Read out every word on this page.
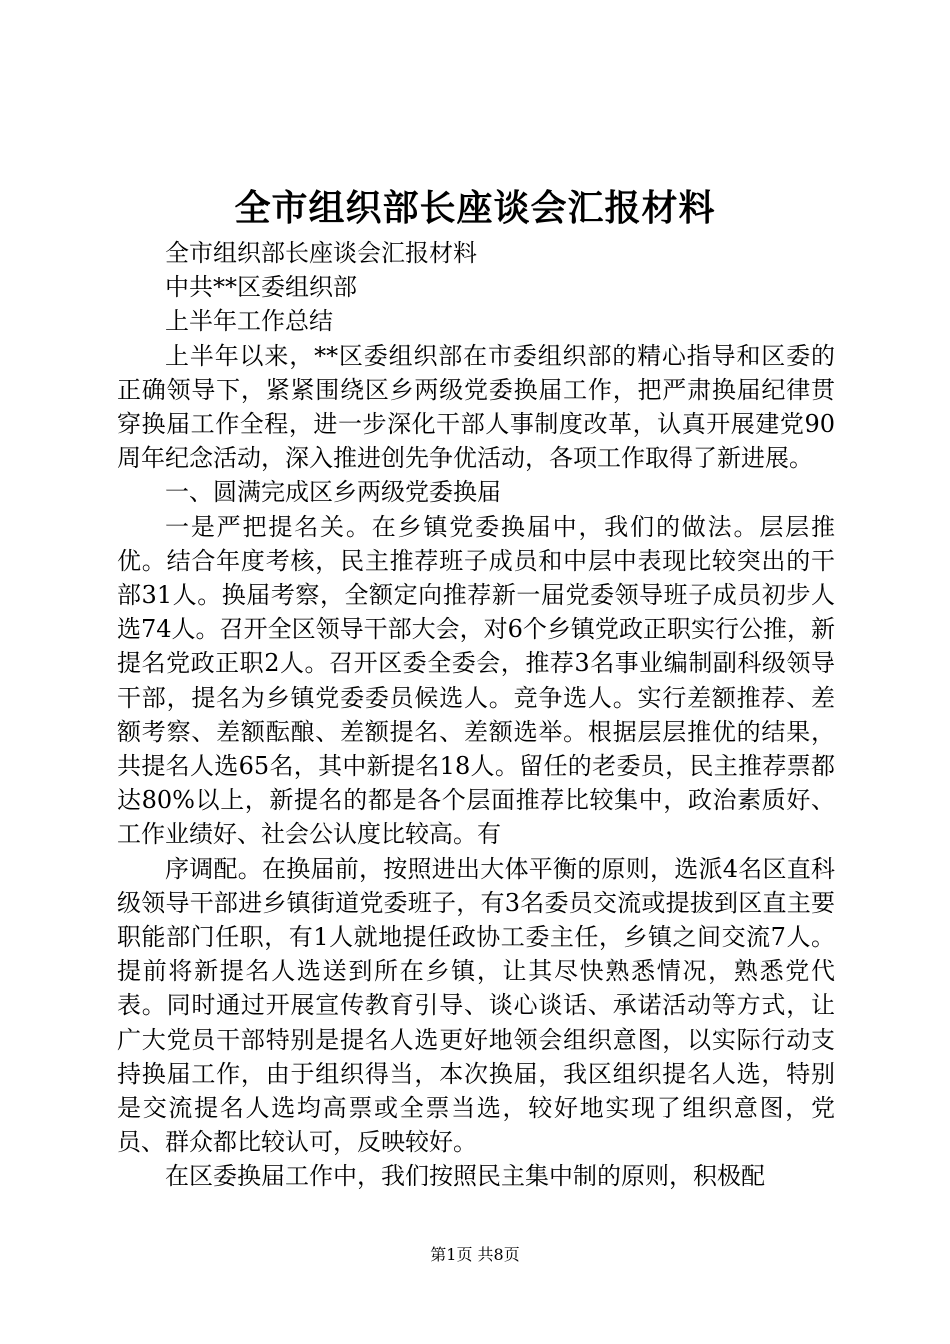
全市组织部长座谈会汇报材料

全市组织部长座谈会汇报材料

中共**区委组织部

上半年工作总结

上半年以来，**区委组织部在市委组织部的精心指导和区委的正确领导下，紧紧围绕区乡两级党委换届工作，把严肃换届纪律贯穿换届工作全程，进一步深化干部人事制度改革，认真开展建党90周年纪念活动，深入推进创先争优活动，各项工作取得了新进展。

一、圆满完成区乡两级党委换届

一是严把提名关。在乡镇党委换届中，我们的做法。层层推优。结合年度考核，民主推荐班子成员和中层中表现比较突出的干部31人。换届考察，全额定向推荐新一届党委领导班子成员初步人选74人。召开全区领导干部大会，对6个乡镇党政正职实行公推，新提名党政正职2人。召开区委全委会，推荐3名事业编制副科级领导干部，提名为乡镇党委委员候选人。竞争选人。实行差额推荐、差额考察、差额酝酿、差额提名、差额选举。根据层层推优的结果，共提名人选65名，其中新提名18人。留任的老委员，民主推荐票都达80%以上，新提名的都是各个层面推荐比较集中，政治素质好、工作业绩好、社会公认度比较高。有

序调配。在换届前，按照进出大体平衡的原则，选派4名区直科级领导干部进乡镇街道党委班子，有3名委员交流或提拔到区直主要职能部门任职，有1人就地提任政协工委主任，乡镇之间交流7人。提前将新提名人选送到所在乡镇，让其尽快熟悉情况，熟悉党代表。同时通过开展宣传教育引导、谈心谈话、承诺活动等方式，让广大党员干部特别是提名人选更好地领会组织意图，以实际行动支持换届工作，由于组织得当，本次换届，我区组织提名人选，特别是交流提名人选均高票或全票当选，较好地实现了组织意图，党员、群众都比较认可，反映较好。

在区委换届工作中，我们按照民主集中制的原则，积极配

第1页 共8页
